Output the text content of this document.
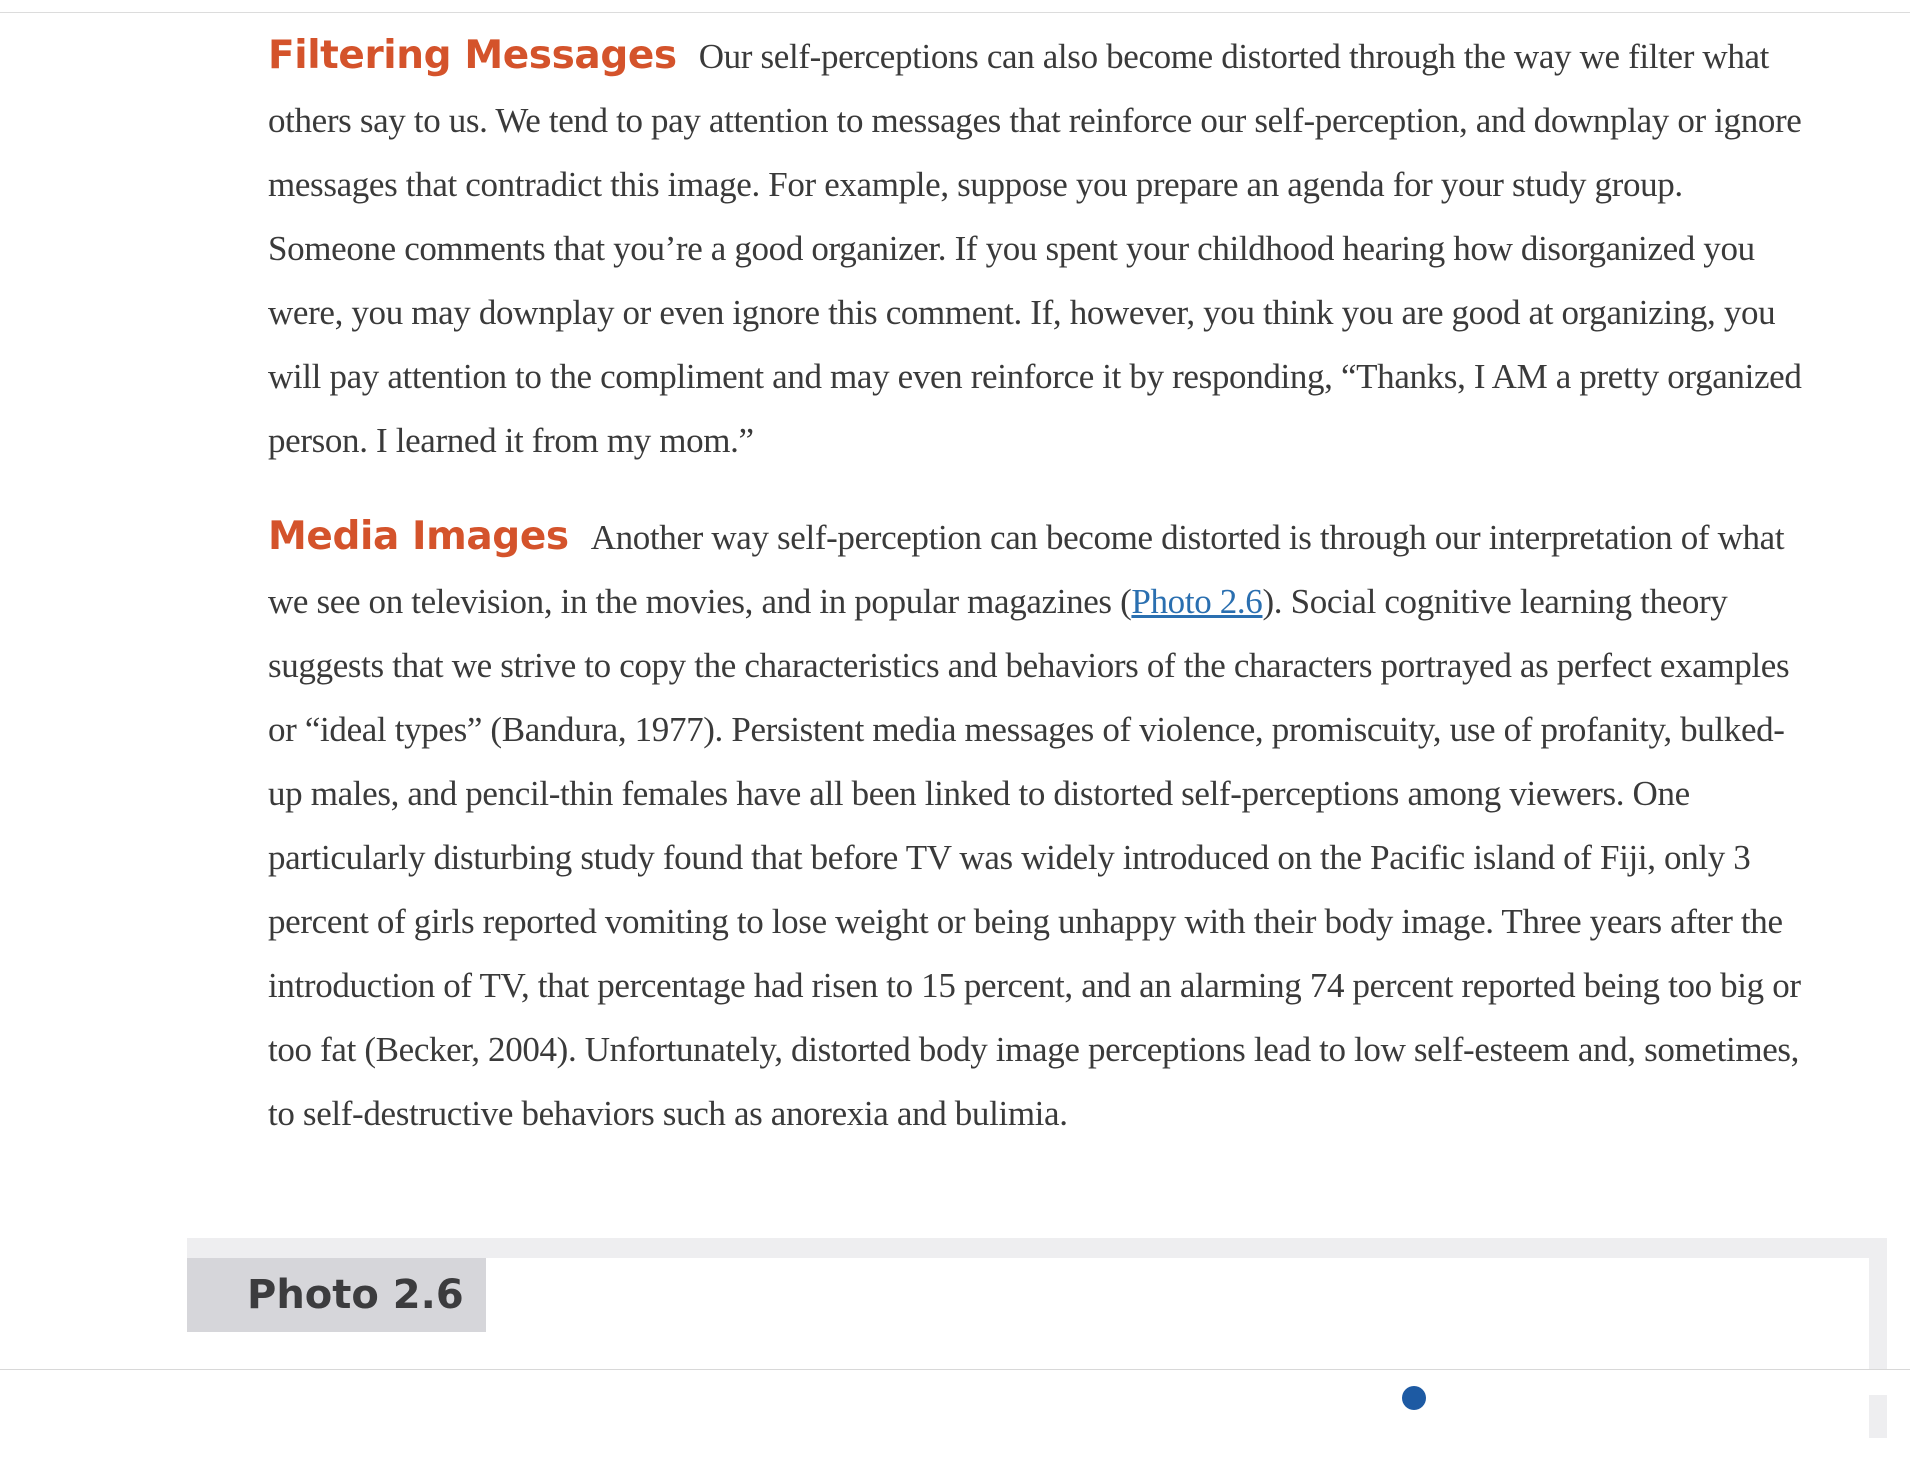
Filtering Messages Our self-perceptions can also become distorted through the way we filter what others say to us. We tend to pay attention to messages that reinforce our self-perception, and downplay or ignore messages that contradict this image. For example, suppose you prepare an agenda for your study group. Someone comments that you’re a good organizer. If you spent your childhood hearing how disorganized you were, you may downplay or even ignore this comment. If, however, you think you are good at organizing, you will pay attention to the compliment and may even reinforce it by responding, “Thanks, I AM a pretty organized person. I learned it from my mom.”

Media Images Another way self-perception can become distorted is through our interpretation of what we see on television, in the movies, and in popular magazines (Photo 2.6). Social cognitive learning theory suggests that we strive to copy the characteristics and behaviors of the characters portrayed as perfect examples or “ideal types” (Bandura, 1977). Persistent media messages of violence, promiscuity, use of profanity, bulked-up males, and pencil-thin females have all been linked to distorted self-perceptions among viewers. One particularly disturbing study found that before TV was widely introduced on the Pacific island of Fiji, only 3 percent of girls reported vomiting to lose weight or being unhappy with their body image. Three years after the introduction of TV, that percentage had risen to 15 percent, and an alarming 74 percent reported being too big or too fat (Becker, 2004). Unfortunately, distorted body image perceptions lead to low self-esteem and, sometimes, to self-destructive behaviors such as anorexia and bulimia.

Photo 2.6
